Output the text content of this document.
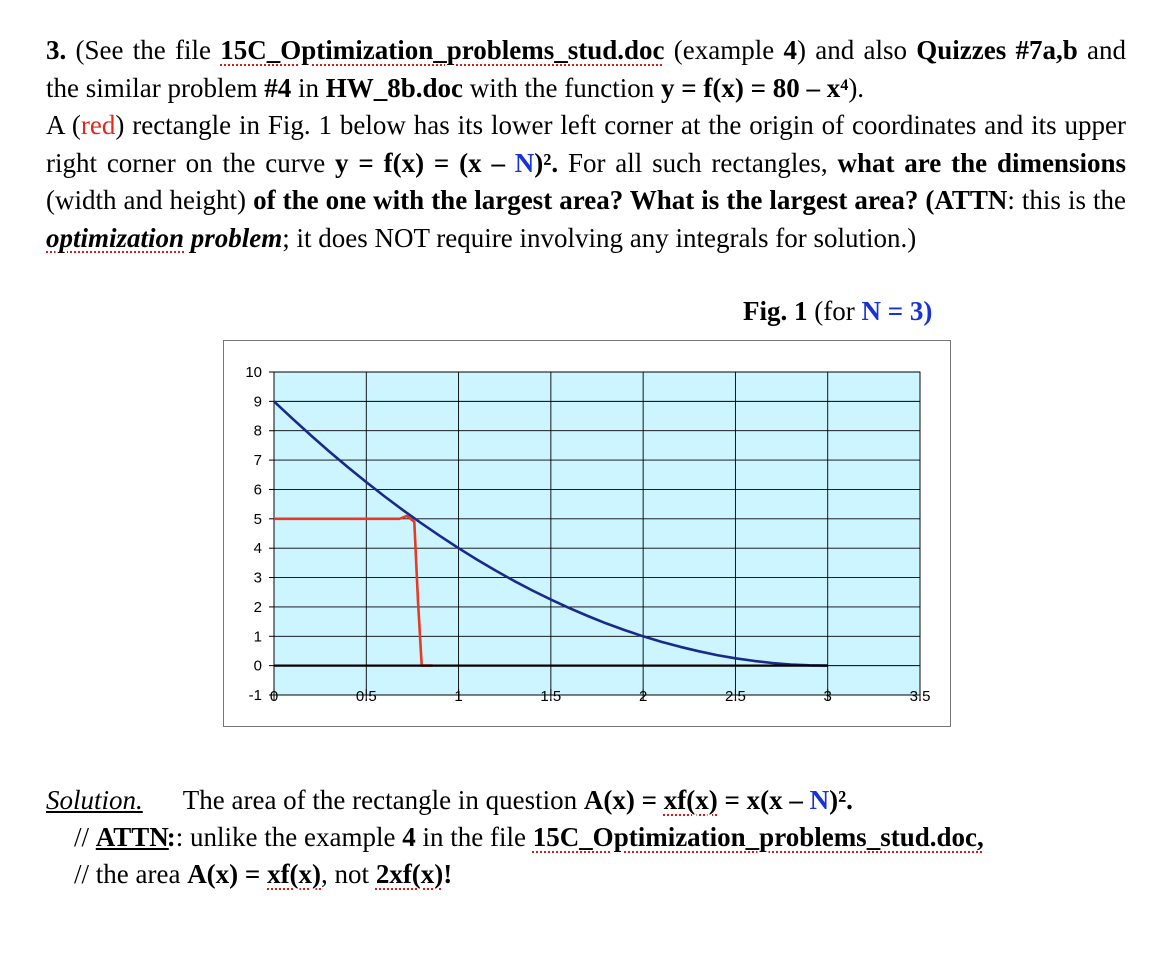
3. (See the file 15C_Optimization_problems_stud.doc (example 4) and also Quizzes #7a,b and the similar problem #4 in HW_8b.doc with the function y = f(x) = 80 – x⁴).
A (red) rectangle in Fig. 1 below has its lower left corner at the origin of coordinates and its upper right corner on the curve y = f(x) = (x – N)². For all such rectangles, what are the dimensions (width and height) of the one with the largest area? What is the largest area? (ATTN: this is the optimization problem; it does NOT require involving any integrals for solution.)
Fig. 1 (for N = 3)
10
9
8
7
6
5
4
3
2
1
0
-1 0	0.5	1	1.5	2	2.5	3	3.5
Solution. The area of the rectangle in question A(x) = xf(x) = x(x – N)².
// ATTN:: unlike the example 4 in the file 15C_Optimization_problems_stud.doc,
// the area A(x) = xf(x), not 2xf(x)!
